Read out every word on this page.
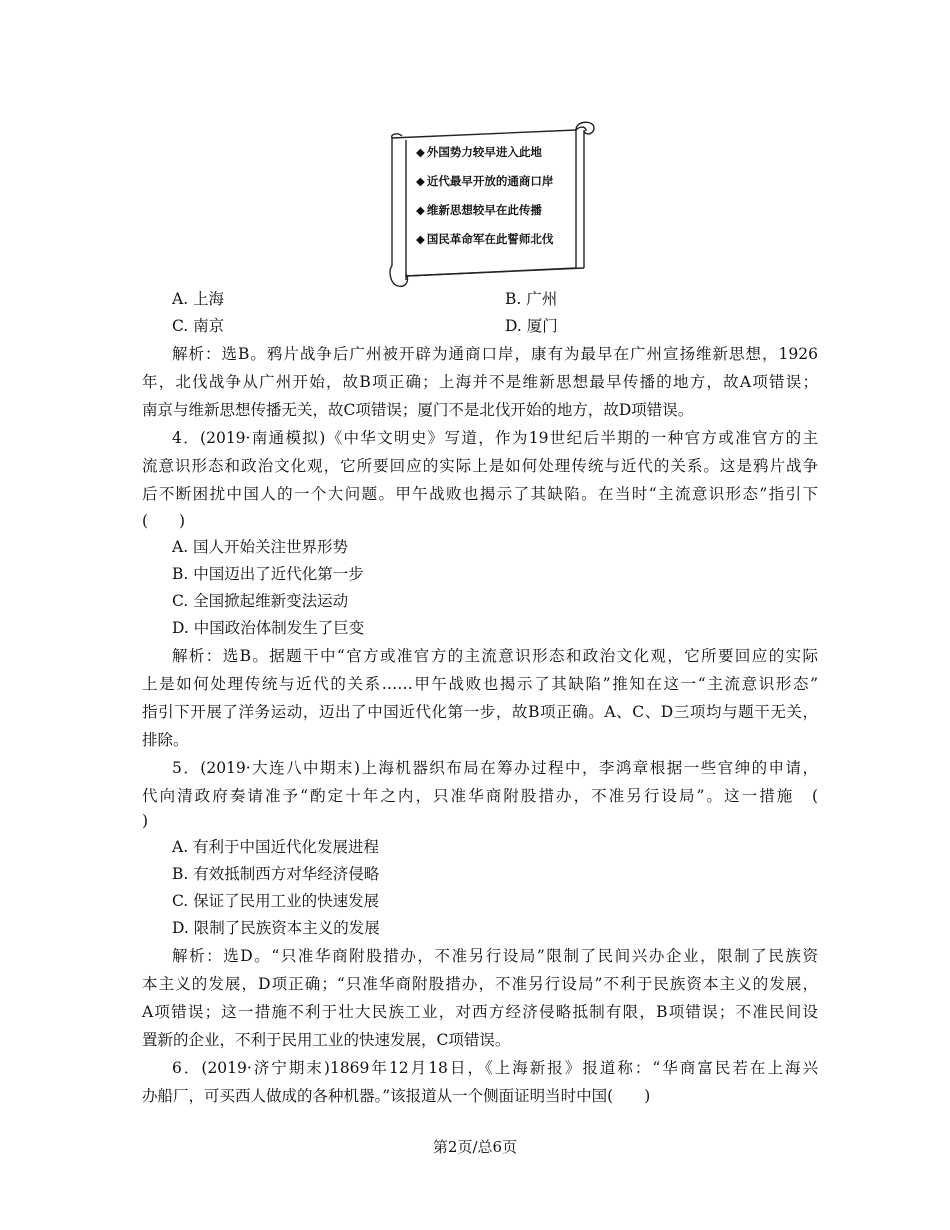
◆ 外国势力较早进入此地
◆ 近代最早开放的通商口岸
◆ 维新思想较早在此传播
◆ 国民革命军在此誓师北伐
A. 上海	B. 广州
C. 南京	D. 厦门
解析：选B。鸦片战争后广州被开辟为通商口岸，康有为最早在广州宣扬维新思想，1926
年，北伐战争从广州开始，故B项正确；上海并不是维新思想最早传播的地方，故A项错误；
南京与维新思想传播无关，故C项错误；厦门不是北伐开始的地方，故D项错误。
4．(2019·南通模拟)《中华文明史》写道，作为19世纪后半期的一种官方或准官方的主
流意识形态和政治文化观，它所要回应的实际上是如何处理传统与近代的关系。这是鸦片战争
后不断困扰中国人的一个大问题。甲午战败也揭示了其缺陷。在当时“主流意识形态”指引下
(　　)
A. 国人开始关注世界形势
B. 中国迈出了近代化第一步
C. 全国掀起维新变法运动
D. 中国政治体制发生了巨变
解析：选B。据题干中“官方或准官方的主流意识形态和政治文化观，它所要回应的实际
上是如何处理传统与近代的关系……甲午战败也揭示了其缺陷”推知在这一“主流意识形态”
指引下开展了洋务运动，迈出了中国近代化第一步，故B项正确。A、C、D三项均与题干无关，
排除。
5．(2019·大连八中期末)上海机器织布局在筹办过程中，李鸿章根据一些官绅的申请，
代向清政府奏请准予“酌定十年之内，只准华商附股措办，不准另行设局”。这一措施　(
)
A. 有利于中国近代化发展进程
B. 有效抵制西方对华经济侵略
C. 保证了民用工业的快速发展
D. 限制了民族资本主义的发展
解析：选D。“只准华商附股措办，不准另行设局”限制了民间兴办企业，限制了民族资
本主义的发展，D项正确；“只准华商附股措办，不准另行设局”不利于民族资本主义的发展，
A项错误；这一措施不利于壮大民族工业，对西方经济侵略抵制有限，B项错误；不准民间设
置新的企业，不利于民用工业的快速发展，C项错误。
6．(2019·济宁期末)1869年12月18日，《上海新报》报道称：“华商富民若在上海兴
办船厂，可买西人做成的各种机器。”该报道从一个侧面证明当时中国(　　)
第2页/总6页
